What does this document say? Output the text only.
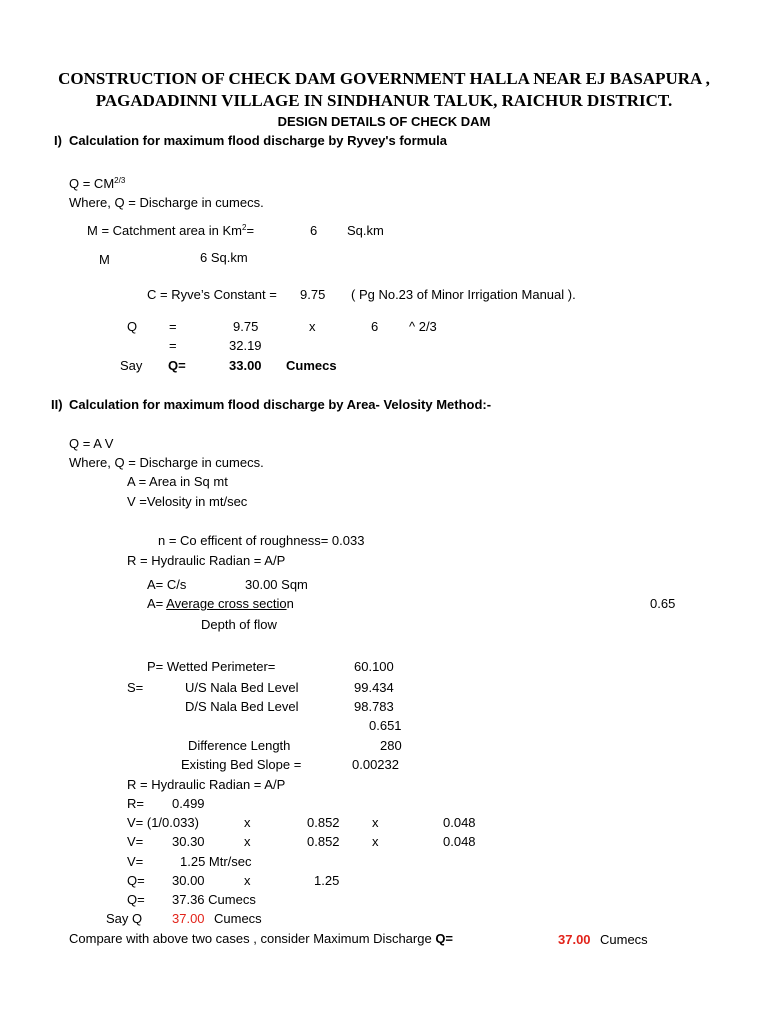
CONSTRUCTION OF CHECK DAM GOVERNMENT HALLA NEAR EJ BASAPURA ,
PAGADADINNI VILLAGE IN SINDHANUR TALUK, RAICHUR DISTRICT.
DESIGN DETAILS OF CHECK DAM
I) Calculation for maximum flood discharge by Ryvey's formula
$Q = CM^{2/3}$
Where, Q = Discharge in cumecs.
M = Catchment area in $Km^2=$	6 Sq.km
M	6 Sq.km
C = Ryve’s Constant = 9.75 ( Pg No.23 of Minor Irrigation Manual ).
Q =	9.75	x	6 ^ 2/3
=	32.19
Say Q=	33.00 Cumecs
II) Calculation for maximum flood discharge by Area- Velosity Method:-
Q = A V
Where, Q = Discharge in cumecs.
A = Area in Sq mt
V =Velosity in mt/sec
n = Co efficent of roughness= 0.033
R = Hydraulic Radian = A/P
A= C/s	30.00 Sqm
A= Average cross section	0.65
Depth of flow
P= Wetted Perimeter=	60.100
S=	U/S Nala Bed Level	99.434
D/S Nala Bed Level	98.783
0.651
Difference Length	280
Existing Bed Slope =	0.00232
R = Hydraulic Radian = A/P
R= 0.499
V= (1/0.033)	x	0.852 x	0.048
V= 30.30	x	0.852 x	0.048
V=	1.25 Mtr/sec
Q= 30.00	x	1.25
Q= 37.36 Cumecs
Say Q 37.00 Cumecs
Compare with above two cases , consider Maximum Discharge Q=	37.00 Cumecs
